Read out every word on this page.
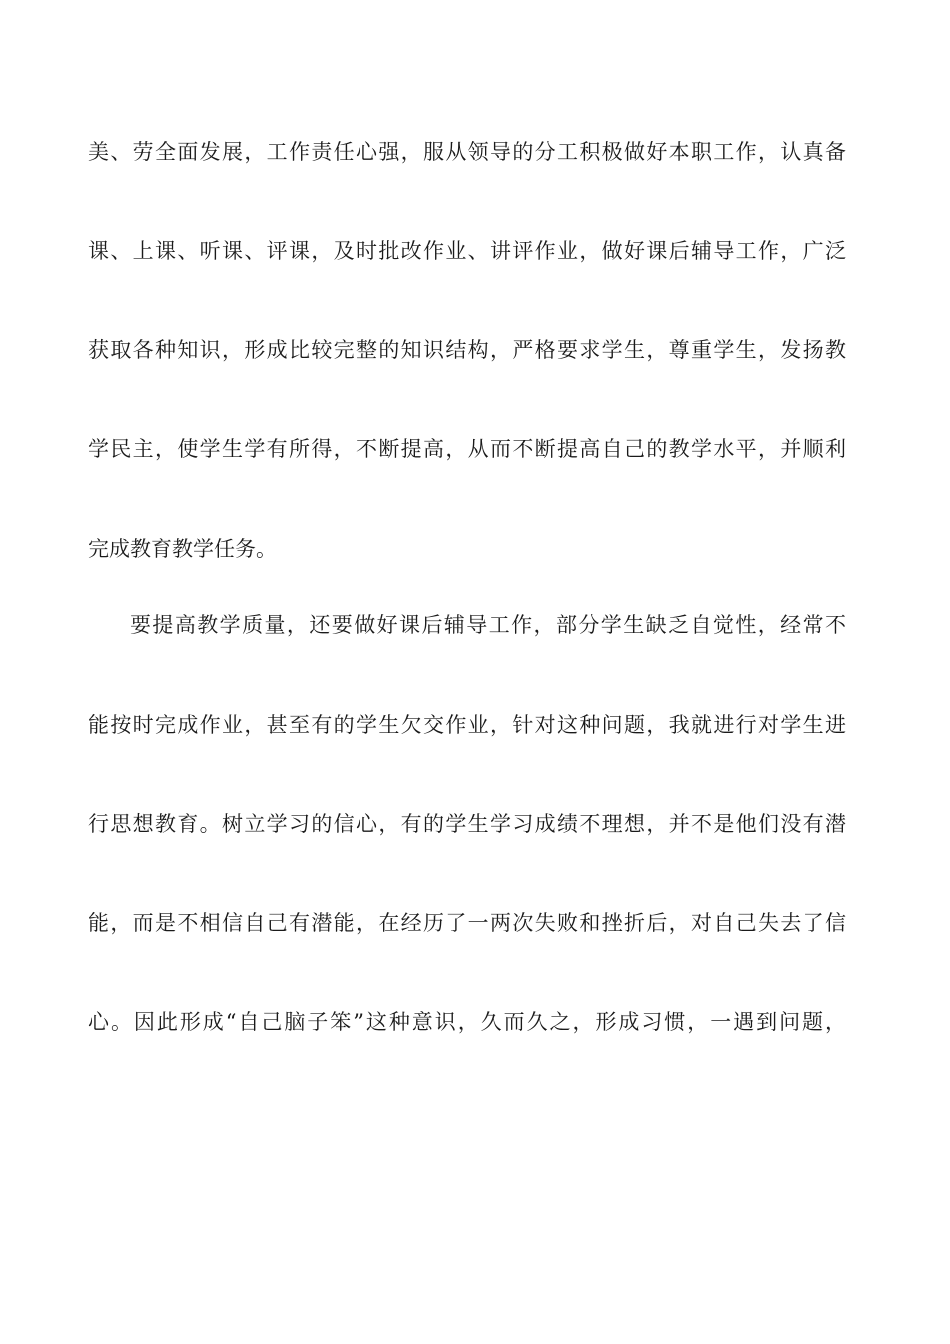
美、劳全面发展，工作责任心强，服从领导的分工积极做好本职工作，认真备
课、上课、听课、评课，及时批改作业、讲评作业，做好课后辅导工作，广泛
获取各种知识，形成比较完整的知识结构，严格要求学生，尊重学生，发扬教
学民主，使学生学有所得，不断提高，从而不断提高自己的教学水平，并顺利
完成教育教学任务。
要提高教学质量，还要做好课后辅导工作，部分学生缺乏自觉性，经常不
能按时完成作业，甚至有的学生欠交作业，针对这种问题，我就进行对学生进
行思想教育。树立学习的信心，有的学生学习成绩不理想，并不是他们没有潜
能，而是不相信自己有潜能，在经历了一两次失败和挫折后，对自己失去了信
心。因此形成“自己脑子笨”这种意识，久而久之，形成习惯，一遇到问题，
